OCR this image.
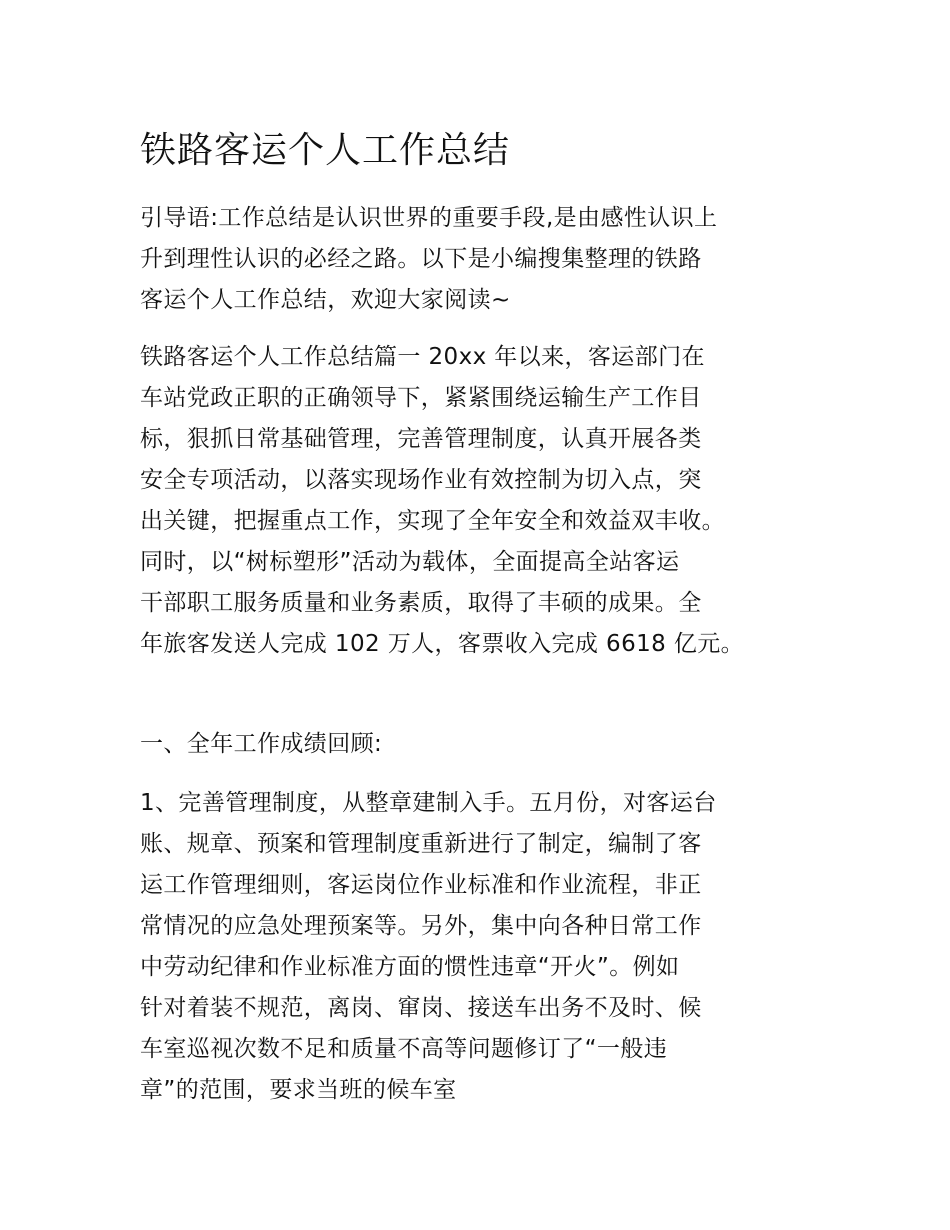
铁路客运个人工作总结

引导语:工作总结是认识世界的重要手段,是由感性认识上

升到理性认识的必经之路。以下是小编搜集整理的铁路

客运个人工作总结，欢迎大家阅读~

铁路客运个人工作总结篇一 20xx 年以来，客运部门在

车站党政正职的正确领导下，紧紧围绕运输生产工作目

标，狠抓日常基础管理，完善管理制度，认真开展各类

安全专项活动，以落实现场作业有效控制为切入点，突

出关键，把握重点工作，实现了全年安全和效益双丰收。

同时，以“树标塑形”活动为载体，全面提高全站客运

干部职工服务质量和业务素质，取得了丰硕的成果。全

年旅客发送人完成 102 万人，客票收入完成 6618 亿元。

一、全年工作成绩回顾:

1、完善管理制度，从整章建制入手。五月份，对客运台

账、规章、预案和管理制度重新进行了制定，编制了客

运工作管理细则，客运岗位作业标准和作业流程，非正

常情况的应急处理预案等。另外，集中向各种日常工作

中劳动纪律和作业标准方面的惯性违章“开火”。例如

针对着装不规范，离岗、窜岗、接送车出务不及时、候

车室巡视次数不足和质量不高等问题修订了“一般违

章”的范围，要求当班的候车室
